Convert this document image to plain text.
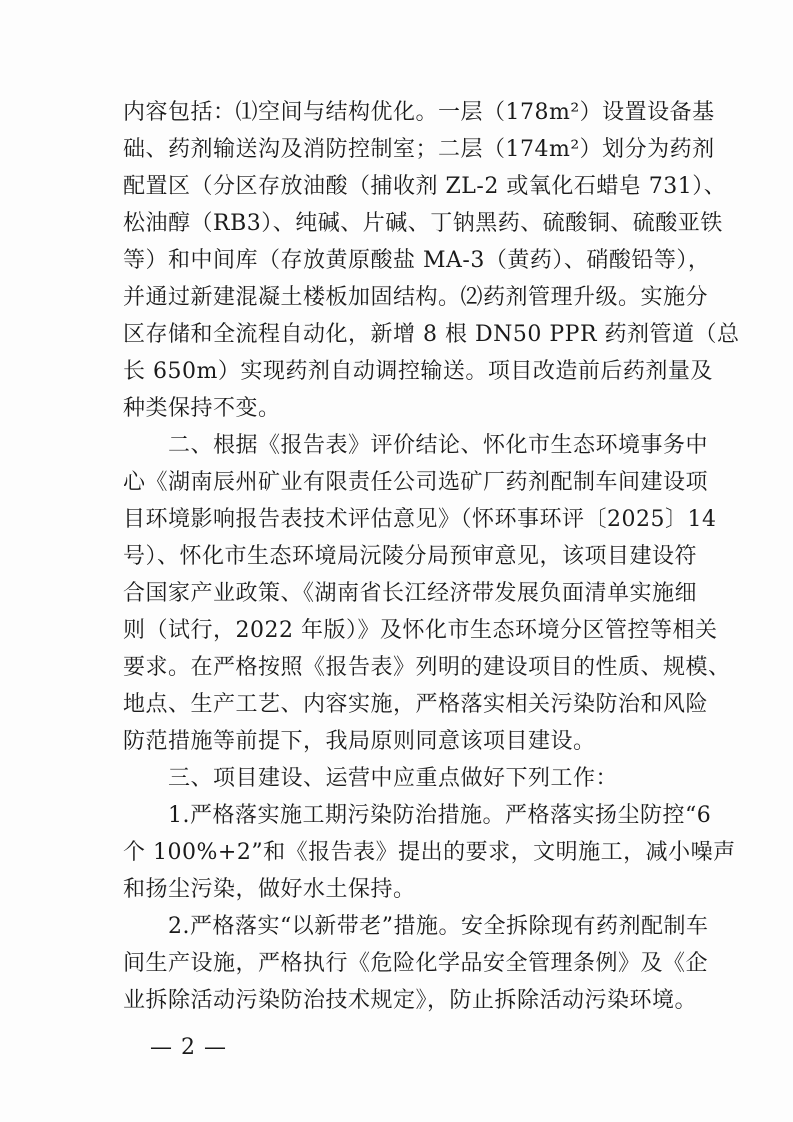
内容包括：⑴空间与结构优化。一层（178m²）设置设备基
础、药剂输送沟及消防控制室；二层（174m²）划分为药剂
配置区（分区存放油酸（捕收剂 ZL-2 或氧化石蜡皂 731）、
松油醇（RB3）、纯碱、片碱、丁钠黑药、硫酸铜、硫酸亚铁
等）和中间库（存放黄原酸盐 MA-3（黄药）、硝酸铅等），
并通过新建混凝土楼板加固结构。⑵药剂管理升级。实施分
区存储和全流程自动化，新增 8 根 DN50 PPR 药剂管道（总
长 650m）实现药剂自动调控输送。项目改造前后药剂量及
种类保持不变。
　　二、根据《报告表》评价结论、怀化市生态环境事务中
心《湖南辰州矿业有限责任公司选矿厂药剂配制车间建设项
目环境影响报告表技术评估意见》（怀环事环评〔2025〕14
号）、怀化市生态环境局沅陵分局预审意见，该项目建设符
合国家产业政策、《湖南省长江经济带发展负面清单实施细
则（试行，2022 年版）》及怀化市生态环境分区管控等相关
要求。在严格按照《报告表》列明的建设项目的性质、规模、
地点、生产工艺、内容实施，严格落实相关污染防治和风险
防范措施等前提下，我局原则同意该项目建设。
　　三、项目建设、运营中应重点做好下列工作：
　　1.严格落实施工期污染防治措施。严格落实扬尘防控“6
个 100%+2”和《报告表》提出的要求，文明施工，减小噪声
和扬尘污染，做好水土保持。
　　2.严格落实“以新带老”措施。安全拆除现有药剂配制车
间生产设施，严格执行《危险化学品安全管理条例》及《企
业拆除活动污染防治技术规定》，防止拆除活动污染环境。
— 2 —
